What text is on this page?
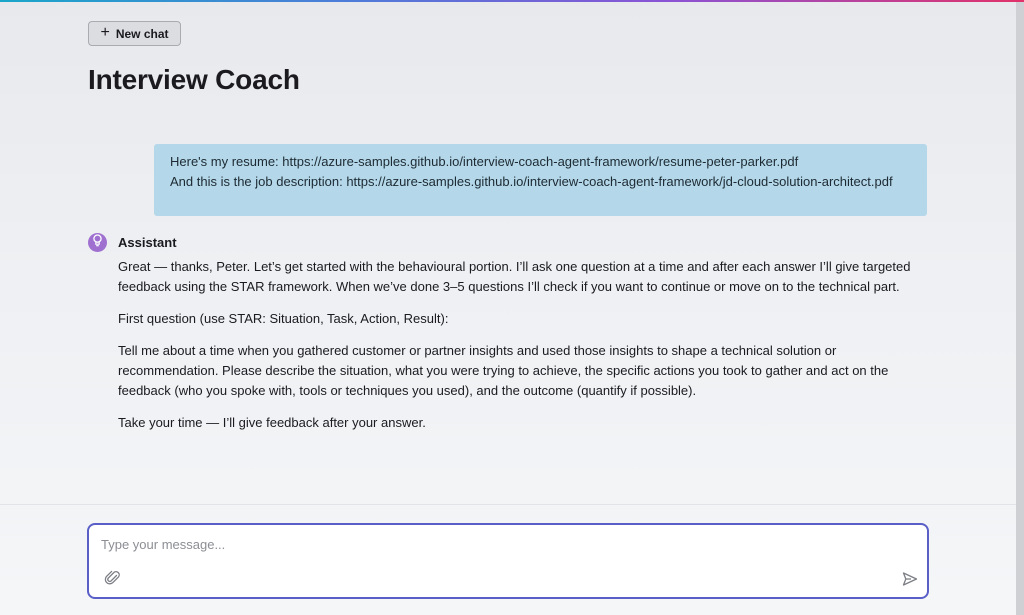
+ New chat
Interview Coach

Here's my resume: https://azure-samples.github.io/interview-coach-agent-framework/resume-peter-parker.pdf

And this is the job description: https://azure-samples.github.io/interview-coach-agent-framework/jd-cloud-solution-architect.pdf

Assistant

Great — thanks, Peter. Let’s get started with the behavioural portion. I’ll ask one question at a time and after each answer I’ll give targeted feedback using the STAR framework. When we’ve done 3–5 questions I’ll check if you want to continue or move on to the technical part.

First question (use STAR: Situation, Task, Action, Result):

Tell me about a time when you gathered customer or partner insights and used those insights to shape a technical solution or recommendation. Please describe the situation, what you were trying to achieve, the specific actions you took to gather and act on the feedback (who you spoke with, tools or techniques you used), and the outcome (quantify if possible).

Take your time — I’ll give feedback after your answer.

Type your message...
